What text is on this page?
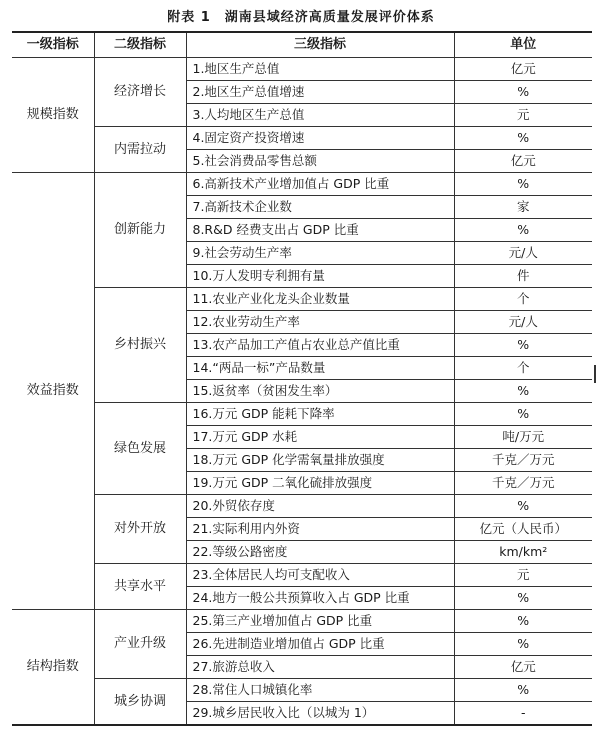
附表 1　湖南县域经济高质量发展评价体系
一级指标	二级指标	三级指标	单位
规模指数	经济增长	1.地区生产总值	亿元
		2.地区生产总值增速	%
		3.人均地区生产总值	元
	内需拉动	4.固定资产投资增速	%
		5.社会消费品零售总额	亿元
效益指数	创新能力	6.高新技术产业增加值占 GDP 比重	%
		7.高新技术企业数	家
		8.R&D 经费支出占 GDP 比重	%
		9.社会劳动生产率	元/人
		10.万人发明专利拥有量	件
	乡村振兴	11.农业产业化龙头企业数量	个
		12.农业劳动生产率	元/人
		13.农产品加工产值占农业总产值比重	%
		14.“两品一标”产品数量	个
		15.返贫率（贫困发生率）	%
	绿色发展	16.万元 GDP 能耗下降率	%
		17.万元 GDP 水耗	吨/万元
		18.万元 GDP 化学需氧量排放强度	千克／万元
		19.万元 GDP 二氧化硫排放强度	千克／万元
	对外开放	20.外贸依存度	%
		21.实际利用内外资	亿元（人民币）
		22.等级公路密度	km/km²
	共享水平	23.全体居民人均可支配收入	元
		24.地方一般公共预算收入占 GDP 比重	%
结构指数	产业升级	25.第三产业增加值占 GDP 比重	%
		26.先进制造业增加值占 GDP 比重	%
		27.旅游总收入	亿元
	城乡协调	28.常住人口城镇化率	%
		29.城乡居民收入比（以城为 1）	-
